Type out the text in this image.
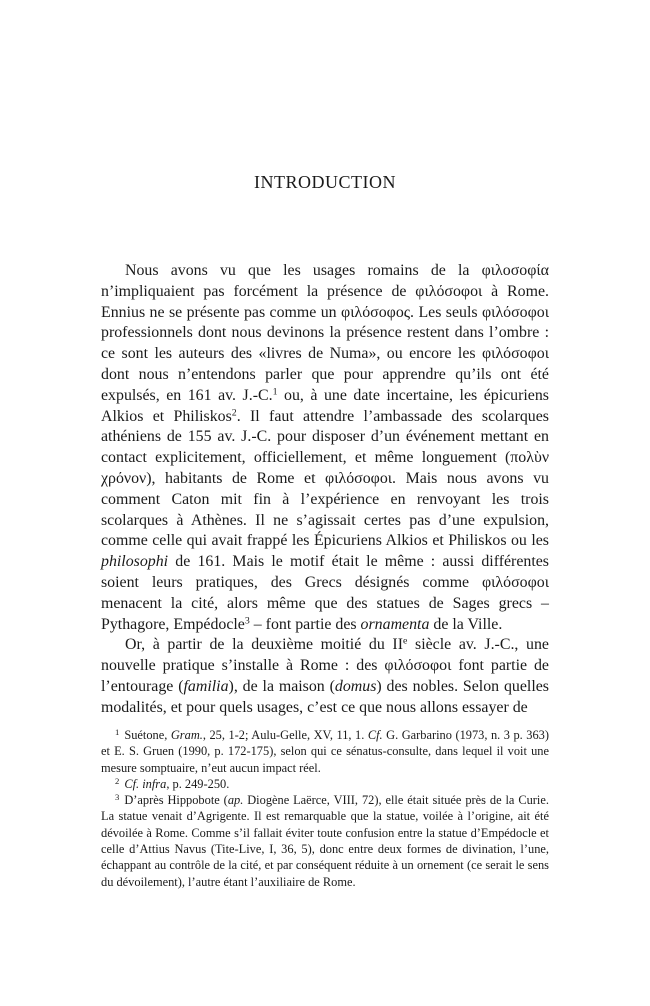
INTRODUCTION

Nous avons vu que les usages romains de la φιλοσοφία n’impliquaient pas forcément la présence de φιλόσοφοι à Rome. Ennius ne se présente pas comme un φιλόσοφος. Les seuls φιλόσοφοι professionnels dont nous devinons la présence restent dans l’ombre : ce sont les auteurs des «livres de Numa», ou encore les φιλόσοφοι dont nous n’entendons parler que pour apprendre qu’ils ont été expulsés, en 161 av. J.-C.$^1$ ou, à une date incertaine, les épicuriens Alkios et Philiskos$^2$. Il faut attendre l’ambassade des scolarques athéniens de 155 av. J.-C. pour disposer d’un événement mettant en contact explicitement, officiellement, et même longuement (πολὺν χρόνον), habitants de Rome et φιλόσοφοι. Mais nous avons vu comment Caton mit fin à l’expérience en renvoyant les trois scolarques à Athènes. Il ne s’agissait certes pas d’une expulsion, comme celle qui avait frappé les Épicuriens Alkios et Philiskos ou les philosophi de 161. Mais le motif était le même : aussi différentes soient leurs pratiques, des Grecs désignés comme φιλόσοφοι menacent la cité, alors même que des statues de Sages grecs – Pythagore, Empédocle$^3$ – font partie des ornamenta de la Ville.

Or, à partir de la deuxième moitié du IIe siècle av. J.-C., une nouvelle pratique s’installe à Rome : des φιλόσοφοι font partie de l’entourage (familia), de la maison (domus) des nobles. Selon quelles modalités, et pour quels usages, c’est ce que nous allons essayer de

$^1$ Suétone, Gram., 25, 1-2; Aulu-Gelle, XV, 11, 1. Cf. G. Garbarino (1973, n. 3 p. 363) et E. S. Gruen (1990, p. 172-175), selon qui ce sénatus-consulte, dans lequel il voit une mesure somptuaire, n’eut aucun impact réel.

$^2$ Cf. infra, p. 249-250.

$^3$ D’après Hippobote (ap. Diogène Laërce, VIII, 72), elle était située près de la Curie. La statue venait d’Agrigente. Il est remarquable que la statue, voilée à l’origine, ait été dévoilée à Rome. Comme s’il fallait éviter toute confusion entre la statue d’Empédocle et celle d’Attius Navus (Tite-Live, I, 36, 5), donc entre deux formes de divination, l’une, échappant au contrôle de la cité, et par conséquent réduite à un ornement (ce serait le sens du dévoilement), l’autre étant l’auxiliaire de Rome.
